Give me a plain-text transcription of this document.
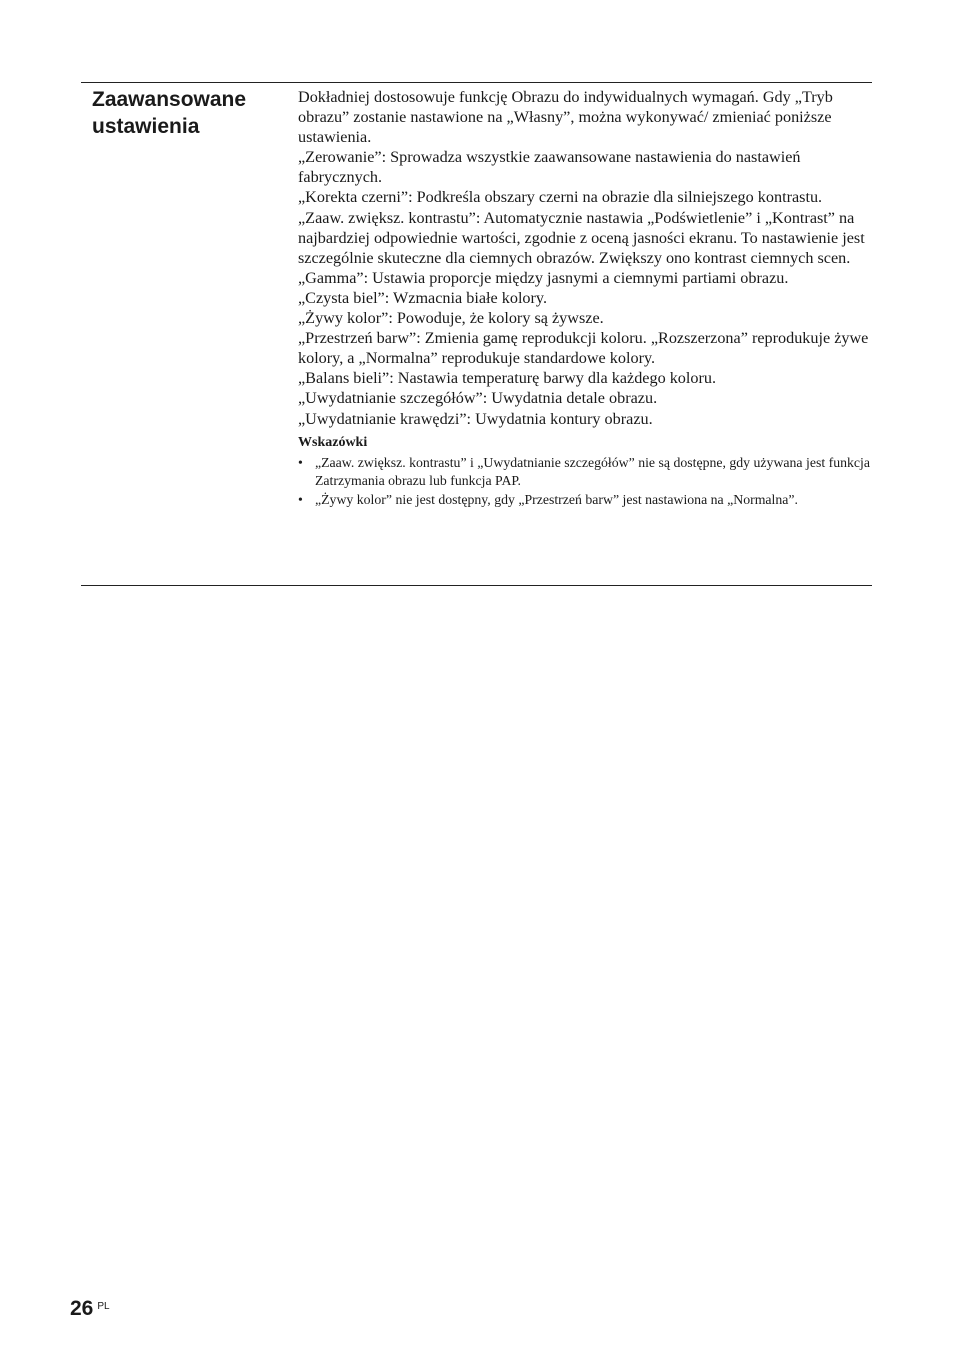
Zaawansowane
ustawienia

Dokładniej dostosowuje funkcję Obrazu do indywidualnych wymagań. Gdy „Tryb obrazu” zostanie nastawione na „Własny”, można wykonywać/ zmieniać poniższe ustawienia.

„Zerowanie”: Sprowadza wszystkie zaawansowane nastawienia do nastawień fabrycznych.

„Korekta czerni”: Podkreśla obszary czerni na obrazie dla silniejszego kontrastu.

„Zaaw. zwiększ. kontrastu”: Automatycznie nastawia „Podświetlenie” i „Kontrast” na najbardziej odpowiednie wartości, zgodnie z oceną jasności ekranu. To nastawienie jest szczególnie skuteczne dla ciemnych obrazów. Zwiększy ono kontrast ciemnych scen.

„Gamma”: Ustawia proporcje między jasnymi a ciemnymi partiami obrazu.

„Czysta biel”: Wzmacnia białe kolory.

„Żywy kolor”: Powoduje, że kolory są żywsze.

„Przestrzeń barw”: Zmienia gamę reprodukcji koloru. „Rozszerzona” reprodukuje żywe kolory, a „Normalna” reprodukuje standardowe kolory.

„Balans bieli”: Nastawia temperaturę barwy dla każdego koloru.

„Uwydatnianie szczegółów”: Uwydatnia detale obrazu.

„Uwydatnianie krawędzi”: Uwydatnia kontury obrazu.

Wskazówki
• „Zaaw. zwiększ. kontrastu” i „Uwydatnianie szczegółów” nie są dostępne, gdy używana jest funkcja Zatrzymania obrazu lub funkcja PAP.
• „Żywy kolor” nie jest dostępny, gdy „Przestrzeń barw” jest nastawiona na „Normalna”.
26 PL
